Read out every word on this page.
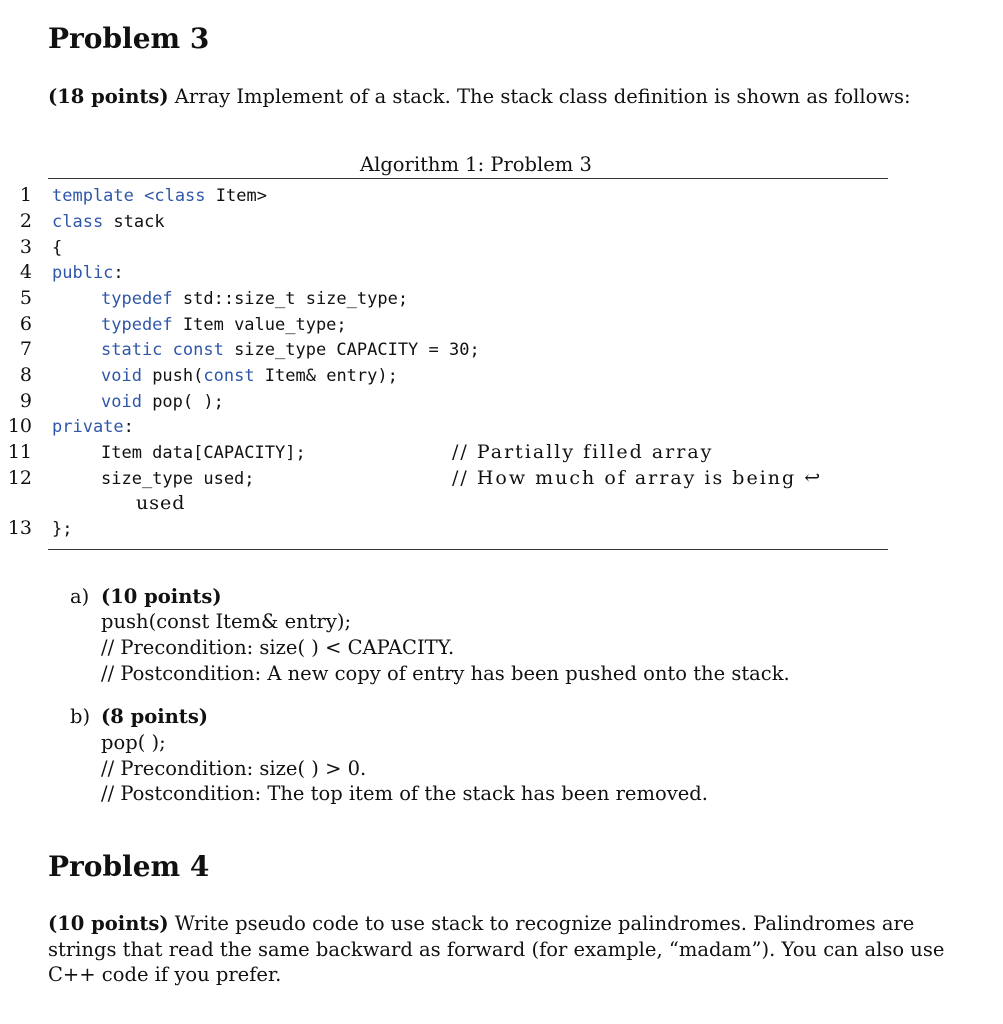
Problem 3
(18 points) Array Implement of a stack. The stack class definition is shown as follows:
Algorithm 1: Problem 3
1
2
3
4
5
6
7
8
9
10
11
12
13
template <class Item>
class stack
{
public:
typedef std::size_t size_type;
typedef Item value_type;
static const size_type CAPACITY = 30;
void push(const Item& entry);
void pop( );
private:
Item data[CAPACITY];	// Partially filled array
size_type used;	// How much of array is being ↩
used
};
a) (10 points)
push(const Item& entry);
// Precondition: size( ) < CAPACITY.
// Postcondition: A new copy of entry has been pushed onto the stack.
b) (8 points)
pop( );
// Precondition: size( ) > 0.
// Postcondition: The top item of the stack has been removed.
Problem 4
(10 points) Write pseudo code to use stack to recognize palindromes. Palindromes are
strings that read the same backward as forward (for example, “madam”). You can also use
C++ code if you prefer.
